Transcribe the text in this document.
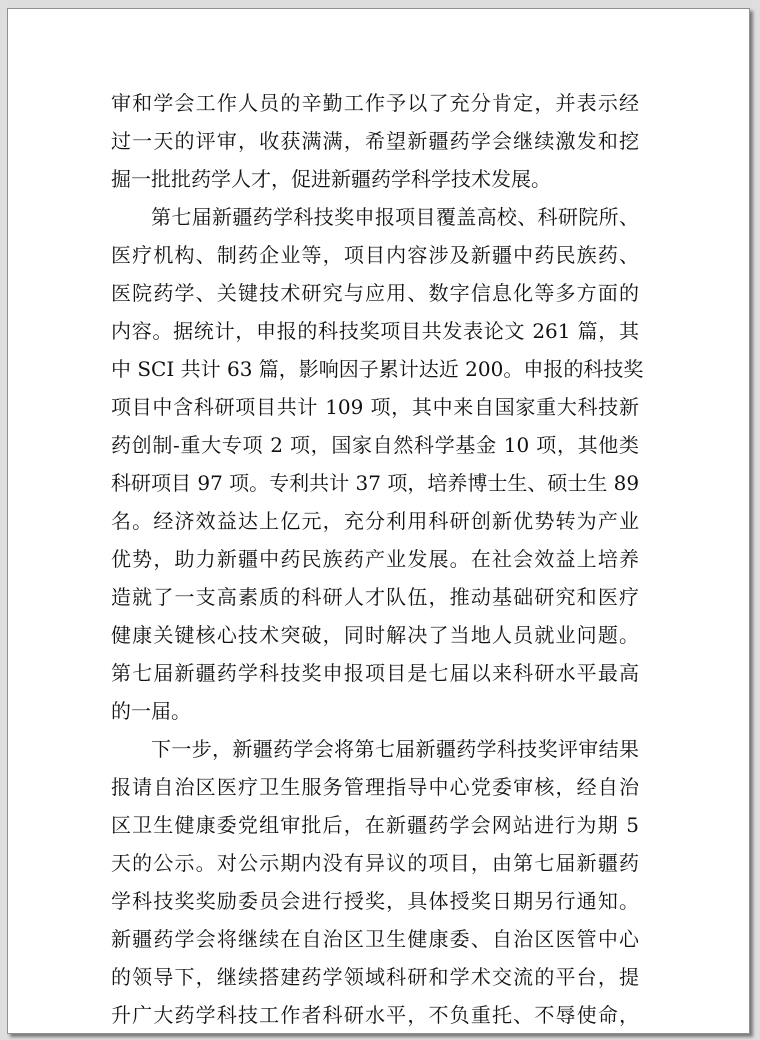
审和学会工作人员的辛勤工作予以了充分肯定，并表示经
过一天的评审，收获满满，希望新疆药学会继续激发和挖
掘一批批药学人才，促进新疆药学科学技术发展。
第七届新疆药学科技奖申报项目覆盖高校、科研院所、
医疗机构、制药企业等，项目内容涉及新疆中药民族药、
医院药学、关键技术研究与应用、数字信息化等多方面的
内容。据统计，申报的科技奖项目共发表论文 261 篇，其
中 SCI 共计 63 篇，影响因子累计达近 200。申报的科技奖
项目中含科研项目共计 109 项，其中来自国家重大科技新
药创制-重大专项 2 项，国家自然科学基金 10 项，其他类
科研项目 97 项。专利共计 37 项，培养博士生、硕士生 89
名。经济效益达上亿元，充分利用科研创新优势转为产业
优势，助力新疆中药民族药产业发展。在社会效益上培养
造就了一支高素质的科研人才队伍，推动基础研究和医疗
健康关键核心技术突破，同时解决了当地人员就业问题。
第七届新疆药学科技奖申报项目是七届以来科研水平最高
的一届。
下一步，新疆药学会将第七届新疆药学科技奖评审结果
报请自治区医疗卫生服务管理指导中心党委审核，经自治
区卫生健康委党组审批后，在新疆药学会网站进行为期 5
天的公示。对公示期内没有异议的项目，由第七届新疆药
学科技奖奖励委员会进行授奖，具体授奖日期另行通知。
新疆药学会将继续在自治区卫生健康委、自治区医管中心
的领导下，继续搭建药学领域科研和学术交流的平台，提
升广大药学科技工作者科研水平，不负重托、不辱使命，
